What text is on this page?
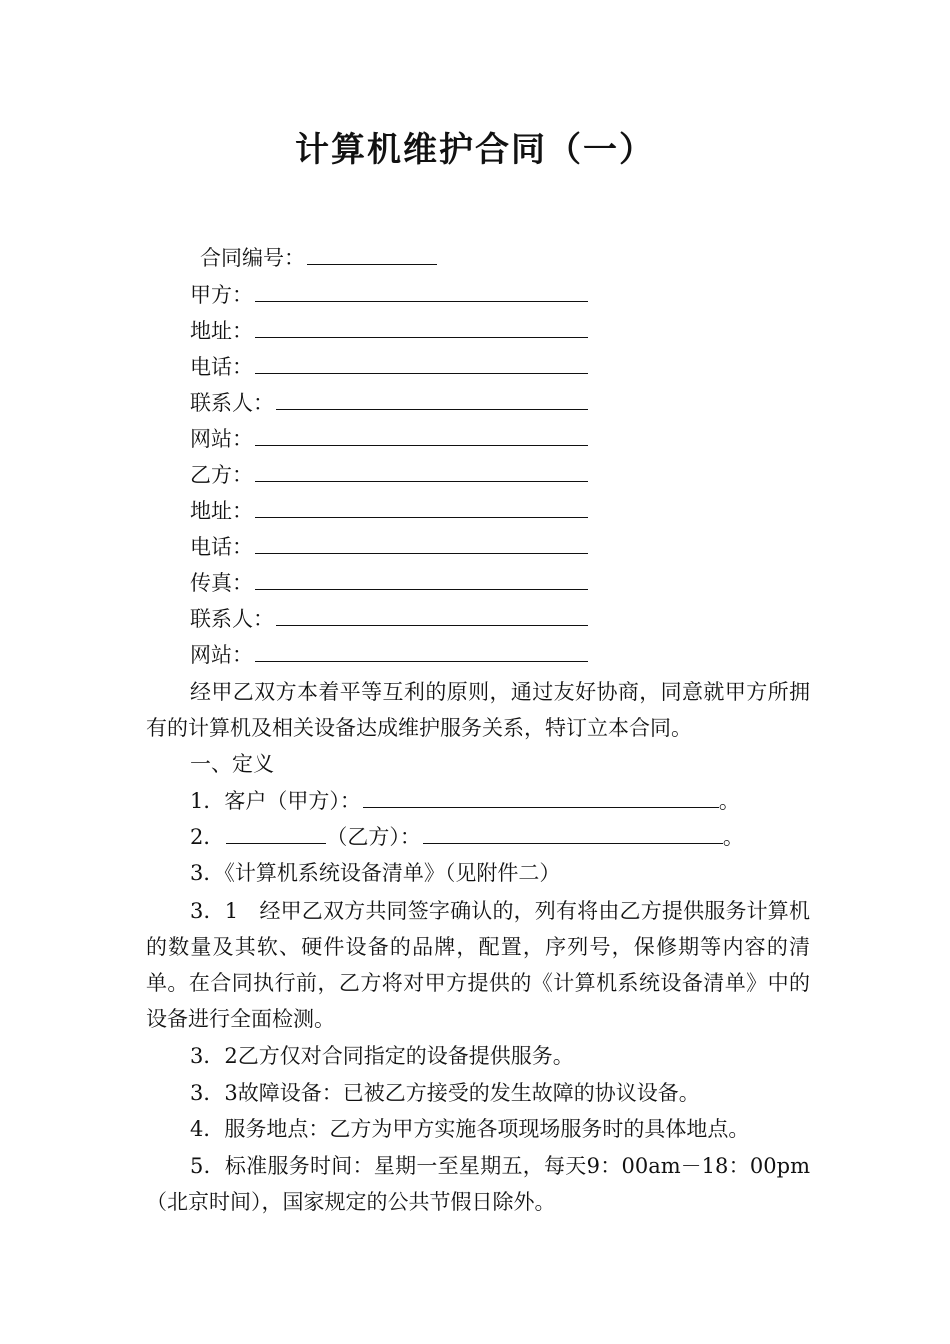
计算机维护合同（一）
合同编号：
甲方：
地址：
电话：
联系人：
网站：
乙方：
地址：
电话：
传真：
联系人：
网站：

经甲乙双方本着平等互利的原则，通过友好协商，同意就甲方所拥有的计算机及相关设备达成维护服务关系，特订立本合同。

一、定义
1．客户（甲方）：	。
2．	（乙方）：	。
3．《计算机系统设备清单》（见附件二）

3．1　经甲乙双方共同签字确认的，列有将由乙方提供服务计算机的数量及其软、硬件设备的品牌，配置，序列号，保修期等内容的清单。在合同执行前，乙方将对甲方提供的《计算机系统设备清单》中的设备进行全面检测。

3．2乙方仅对合同指定的设备提供服务。
3．3故障设备：已被乙方接受的发生故障的协议设备。
4．服务地点：乙方为甲方实施各项现场服务时的具体地点。

5．标准服务时间：星期一至星期五，每天9：00am－18：00pm（北京时间），国家规定的公共节假日除外。
